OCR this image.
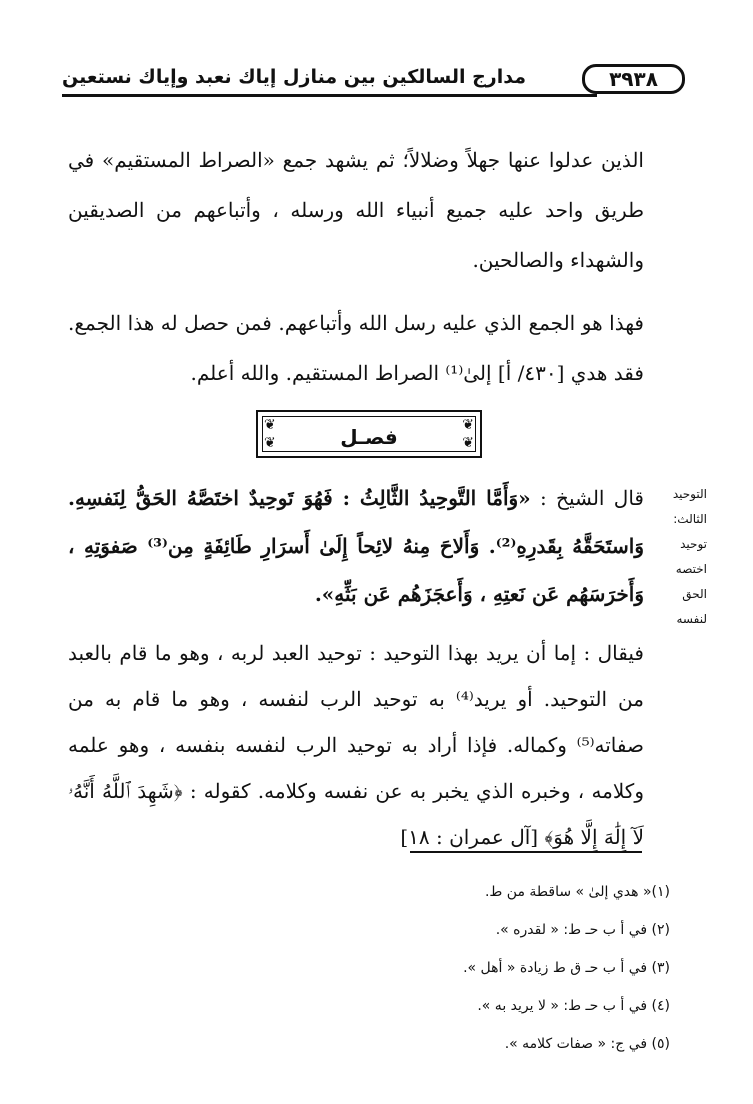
مدارج السالكين بين منازل إياك نعبد وإياك نستعين	٣٩٣٨
الذين عدلوا عنها جهلاً وضلالاً؛ ثم يشهد جمع «الصراط المستقيم» في طريق واحد عليه جميع أنبياء الله ورسله ، وأتباعهم من الصديقين والشهداء والصالحين.
فهذا هو الجمع الذي عليه رسل الله وأتباعهم. فمن حصل له هذا الجمع. فقد هدي [٤٣٠/ أ] إلىٰ⁽¹⁾ الصراط المستقيم. والله أعلم.
❦	❦
❦	❦
فصـل
التوحيد
الثالث:
توحيد
اختصه
الحق
لنفسه
قال الشيخ : «وَأَمَّا التَّوحِيدُ الثَّالِثُ : فَهُوَ تَوحِيدٌ اختَصَّهُ الحَقُّ لِنَفسِهِ. وَاستَحَقَّهُ بِقَدرِهِ⁽²⁾. وَأَلاحَ مِنهُ لائِحاً إِلَىٰ أَسرَارِ طَائِفَةٍ مِن⁽³⁾ صَفوَتِهِ ، وَأَخرَسَهُم عَن نَعتِهِ ، وَأَعجَزَهُم عَن بَثِّهِ».
فيقال : إما أن يريد بهذا التوحيد : توحيد العبد لربه ، وهو ما قام بالعبد من التوحيد. أو يريد⁽⁴⁾ به توحيد الرب لنفسه ، وهو ما قام به من صفاته⁽⁵⁾ وكماله. فإذا أراد به توحيد الرب لنفسه بنفسه ، وهو علمه وكلامه ، وخبره الذي يخبر به عن نفسه وكلامه. كقوله : ﴿شَهِدَ ٱللَّهُ أَنَّهُۥ لَآ إِلَٰهَ إِلَّا هُوَ﴾ [آل عمران : ١٨]
(١)« هدي إلىٰ » ساقطة من ط.
(٢) في أ ب حـ ط: « لقدره ».
(٣) في أ ب حـ ق ط زيادة « أهل ».
(٤) في أ ب حـ ط: « لا يريد به ».
(٥) في ج: « صفات كلامه ».
